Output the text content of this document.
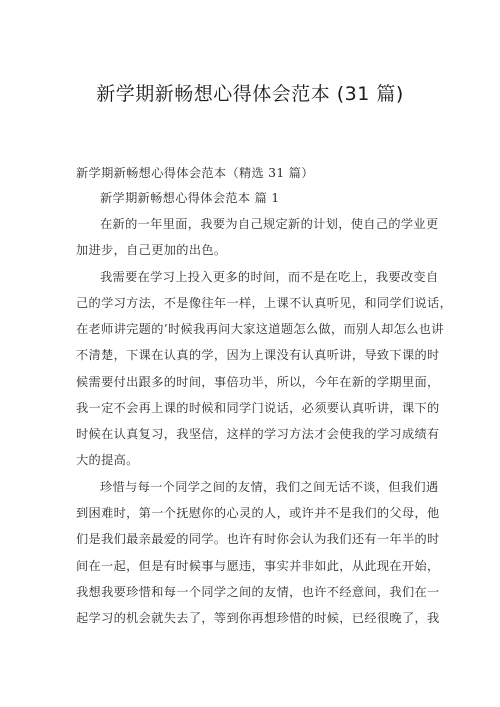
新学期新畅想心得体会范本 (31 篇)
新学期新畅想心得体会范本（精选 31 篇）
新学期新畅想心得体会范本 篇 1
在新的一年里面，我要为自己规定新的计划，使自己的学业更
加进步，自己更加的出色。
我需要在学习上投入更多的时间，而不是在吃上，我要改变自
己的学习方法，不是像往年一样，上课不认真听见，和同学们说话，
在老师讲完题的’时候我再问大家这道题怎么做，而别人却怎么也讲
不清楚，下课在认真的学，因为上课没有认真听讲，导致下课的时
候需要付出跟多的时间，事倍功半，所以，今年在新的学期里面，
我一定不会再上课的时候和同学门说话，必须要认真听讲，课下的
时候在认真复习，我坚信，这样的学习方法才会使我的学习成绩有
大的提高。
珍惜与每一个同学之间的友情，我们之间无话不谈，但我们遇
到困难时，第一个抚慰你的心灵的人，或许并不是我们的父母，他
们是我们最亲最爱的同学。也许有时你会认为我们还有一年半的时
间在一起，但是有时候事与愿违，事实并非如此，从此现在开始，
我想我要珍惜和每一个同学之间的友情，也许不经意间，我们在一
起学习的机会就失去了，等到你再想珍惜的时候，已经很晚了，我
